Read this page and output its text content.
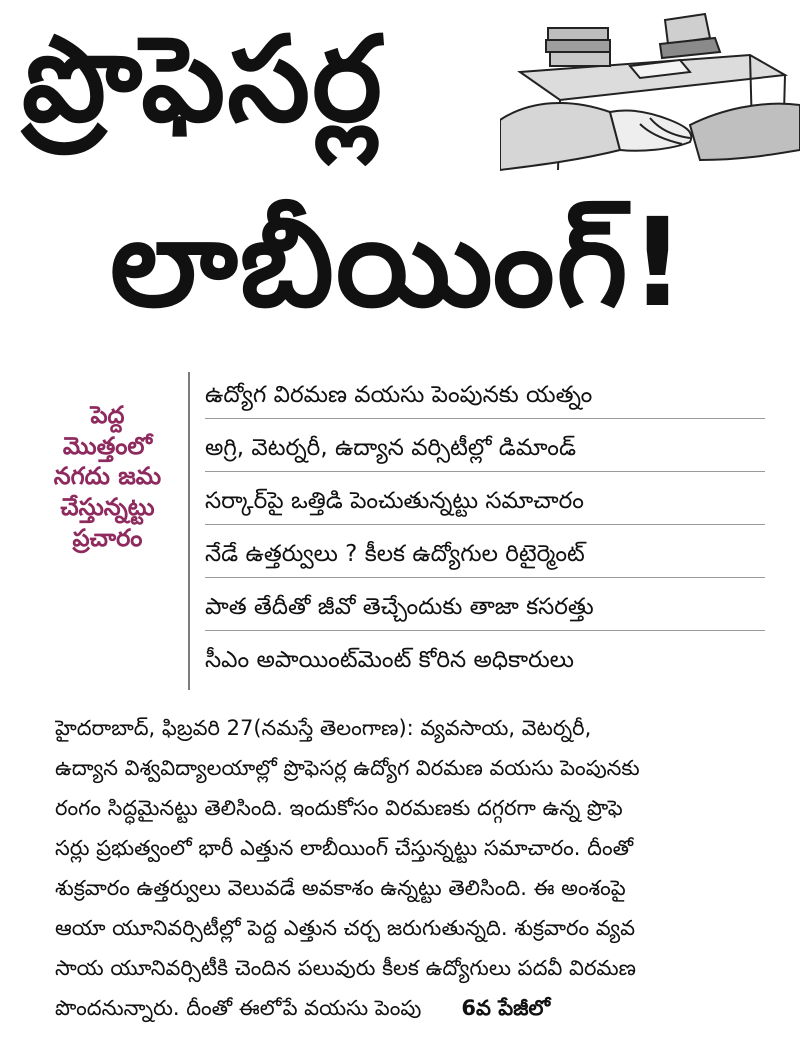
ప్రొఫెసర్ల
లాబీయింగ్!
పెద్ద
మొత్తంలో
నగదు జమ
చేస్తున్నట్టు
ప్రచారం
ఉద్యోగ విరమణ వయసు పెంపునకు యత్నం
అగ్రి, వెటర్నరీ, ఉద్యాన వర్సిటీల్లో డిమాండ్
సర్కార్‌పై ఒత్తిడి పెంచుతున్నట్టు సమాచారం
నేడే ఉత్తర్వులు ? కీలక ఉద్యోగుల రిటైర్మెంట్
పాత తేదీతో జీవో తెచ్చేందుకు తాజా కసరత్తు
సీఎం అపాయింట్‌మెంట్ కోరిన అధికారులు
హైదరాబాద్, ఫిబ్రవరి 27(నమస్తే తెలంగాణ): వ్యవసాయ, వెటర్నరీ,
ఉద్యాన విశ్వవిద్యాలయాల్లో ప్రొఫెసర్ల ఉద్యోగ విరమణ వయసు పెంపునకు
రంగం సిద్ధమైనట్టు తెలిసింది. ఇందుకోసం విరమణకు దగ్గరగా ఉన్న ప్రొఫె
సర్లు ప్రభుత్వంలో భారీ ఎత్తున లాబీయింగ్ చేస్తున్నట్టు సమాచారం. దీంతో
శుక్రవారం ఉత్తర్వులు వెలువడే అవకాశం ఉన్నట్టు తెలిసింది. ఈ అంశంపై
ఆయా యూనివర్సిటీల్లో పెద్ద ఎత్తున చర్చ జరుగుతున్నది. శుక్రవారం వ్యవ
సాయ యూనివర్సిటీకి చెందిన పలువురు కీలక ఉద్యోగులు పదవీ విరమణ
పొందనున్నారు. దీంతో ఈలోపే వయసు పెంపు 6వ పేజీలో
